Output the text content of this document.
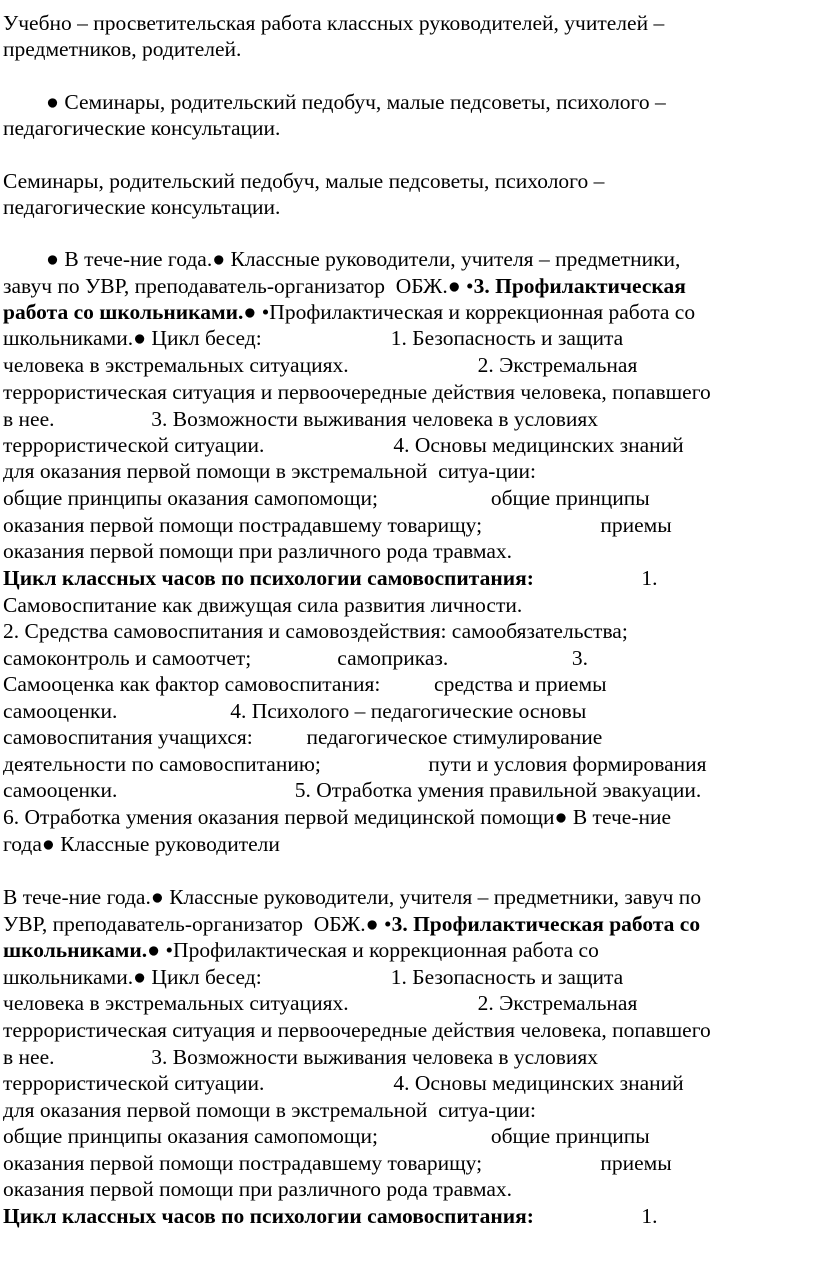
Учебно – просветительская работа классных руководителей, учителей –
предметников, родителей.
● Семинары, родительский педобуч, малые педсоветы, психолого –
педагогические консультации.
Семинары, родительский педобуч, малые педсоветы, психолого –
педагогические консультации.
● В тече-ние года.● Классные руководители, учителя – предметники,
завуч по УВР, преподаватель-организатор  ОБЖ.● •3. Профилактическая
работа со школьниками.● •Профилактическая и коррекционная работа со
школьниками.● Цикл бесед:                        1. Безопасность и защита
человека в экстремальных ситуациях.                        2. Экстремальная
террористическая ситуация и первоочередные действия человека, попавшего
в нее.                  3. Возможности выживания человека в условиях
террористической ситуации.                        4. Основы медицинских знаний
для оказания первой помощи в экстремальной  ситуа-ции:
общие принципы оказания самопомощи;                     общие принципы
оказания первой помощи пострадавшему товарищу;                      приемы
оказания первой помощи при различного рода травмах.
Цикл классных часов по психологии самовоспитания:                    1.
Самовоспитание как движущая сила развития личности.
2. Средства самовоспитания и самовоздействия: самообязательства;
самоконтроль и самоотчет;                самоприказ.                       3.
Самооценка как фактор самовоспитания:          средства и приемы
самооценки.                     4. Психолого – педагогические основы
самовоспитания учащихся:          педагогическое стимулирование
деятельности по самовоспитанию;                    пути и условия формирования
самооценки.                                 5. Отработка умения правильной эвакуации.
6. Отработка умения оказания первой медицинской помощи● В тече-ние
года● Классные руководители
В тече-ние года.● Классные руководители, учителя – предметники, завуч по
УВР, преподаватель-организатор  ОБЖ.● •3. Профилактическая работа со
школьниками.● •Профилактическая и коррекционная работа со
школьниками.● Цикл бесед:                        1. Безопасность и защита
человека в экстремальных ситуациях.                        2. Экстремальная
террористическая ситуация и первоочередные действия человека, попавшего
в нее.                  3. Возможности выживания человека в условиях
террористической ситуации.                        4. Основы медицинских знаний
для оказания первой помощи в экстремальной  ситуа-ции:
общие принципы оказания самопомощи;                     общие принципы
оказания первой помощи пострадавшему товарищу;                      приемы
оказания первой помощи при различного рода травмах.
Цикл классных часов по психологии самовоспитания:                    1.
